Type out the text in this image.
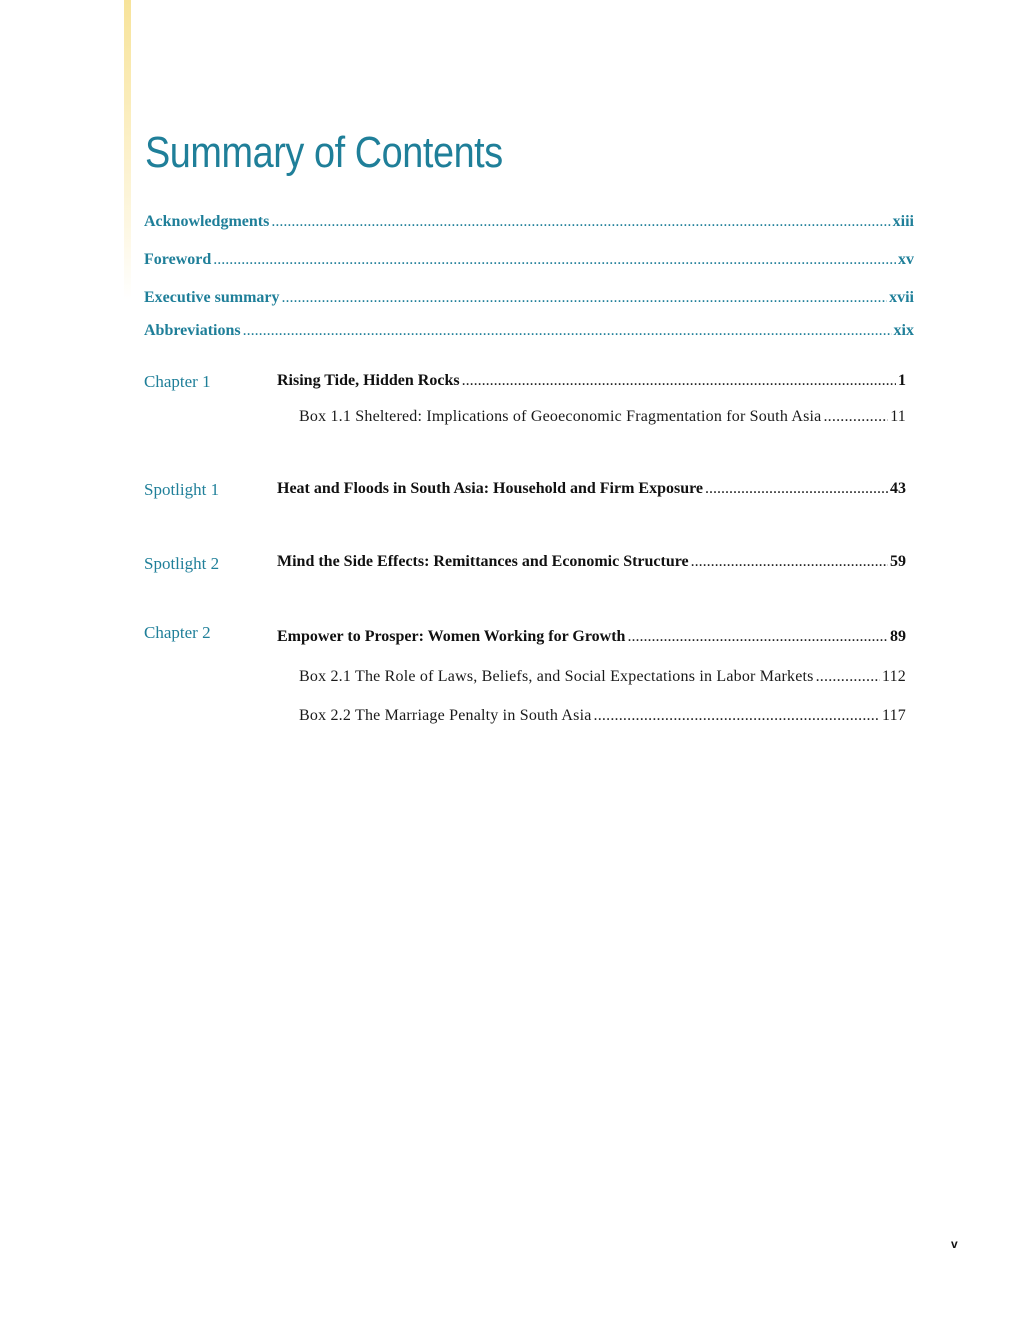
Summary of Contents
Acknowledgments .....	xiii
Foreword .....	xv
Executive summary .....	xvii
Abbreviations .....	xix
Chapter 1	Rising Tide, Hidden Rocks .....	1
Box 1.1 Sheltered: Implications of Geoeconomic Fragmentation for South Asia .....	11
Spotlight 1	Heat and Floods in South Asia: Household and Firm Exposure .....	43
Spotlight 2	Mind the Side Effects: Remittances and Economic Structure .....	59
Chapter 2	Empower to Prosper: Women Working for Growth .....	89
Box 2.1 The Role of Laws, Beliefs, and Social Expectations in Labor Markets .....	112
Box 2.2 The Marriage Penalty in South Asia .....	117
v
